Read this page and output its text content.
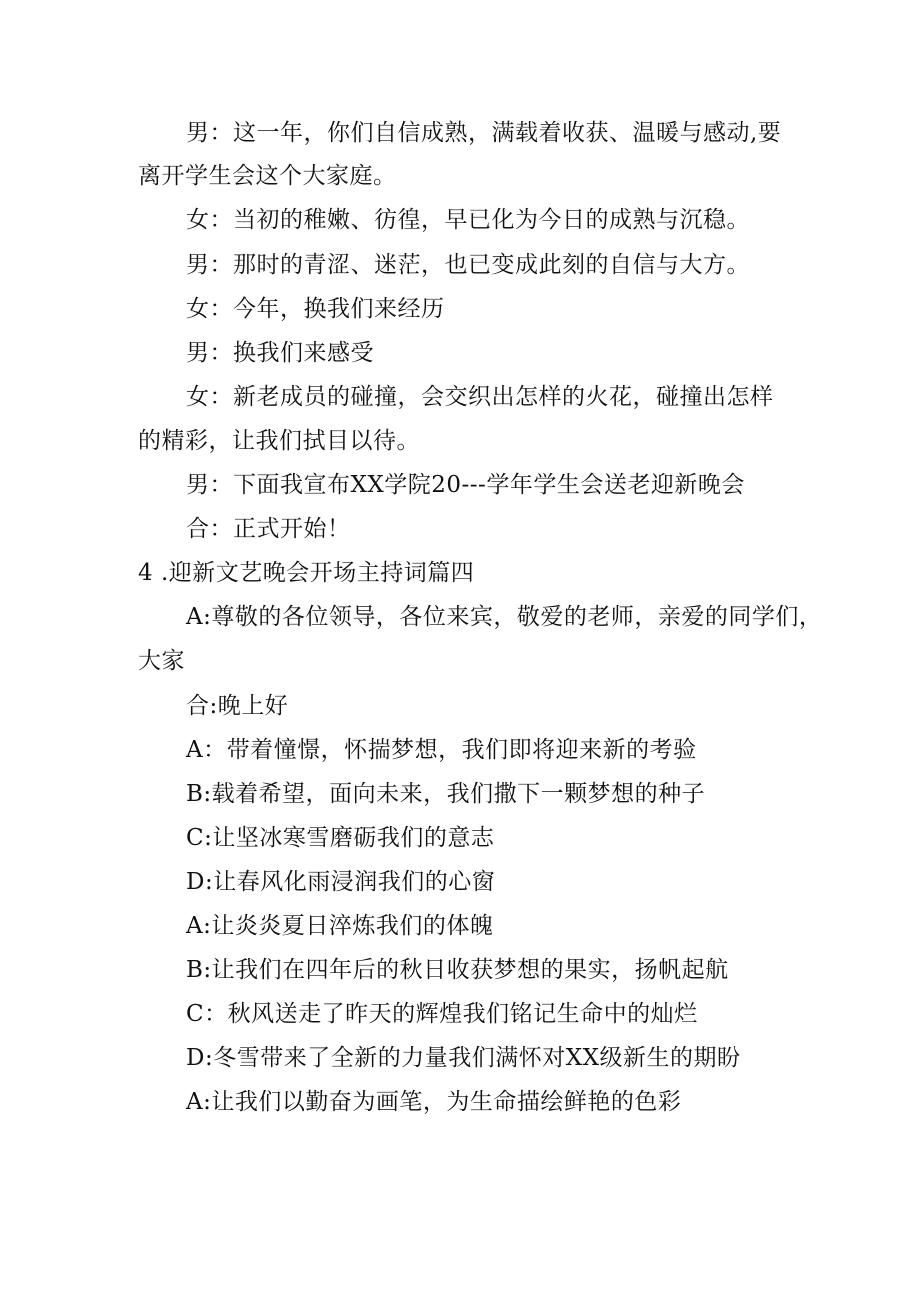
男：这一年，你们自信成熟，满载着收获、温暖与感动,要
离开学生会这个大家庭。
女：当初的稚嫩、彷徨，早已化为今日的成熟与沉稳。
男：那时的青涩、迷茫，也已变成此刻的自信与大方。
女：今年，换我们来经历
男：换我们来感受
女：新老成员的碰撞，会交织出怎样的火花，碰撞出怎样
的精彩，让我们拭目以待。
男：下面我宣布XX学院20---学年学生会送老迎新晚会
合：正式开始！
4 .迎新文艺晚会开场主持词篇四
A:尊敬的各位领导，各位来宾，敬爱的老师，亲爱的同学们，
大家
合:晚上好
A：带着憧憬，怀揣梦想，我们即将迎来新的考验
B:载着希望，面向未来，我们撒下一颗梦想的种子
C:让坚冰寒雪磨砺我们的意志
D:让春风化雨浸润我们的心窗
A:让炎炎夏日淬炼我们的体魄
B:让我们在四年后的秋日收获梦想的果实，扬帆起航
C：秋风送走了昨天的辉煌我们铭记生命中的灿烂
D:冬雪带来了全新的力量我们满怀对XX级新生的期盼
A:让我们以勤奋为画笔，为生命描绘鲜艳的色彩
